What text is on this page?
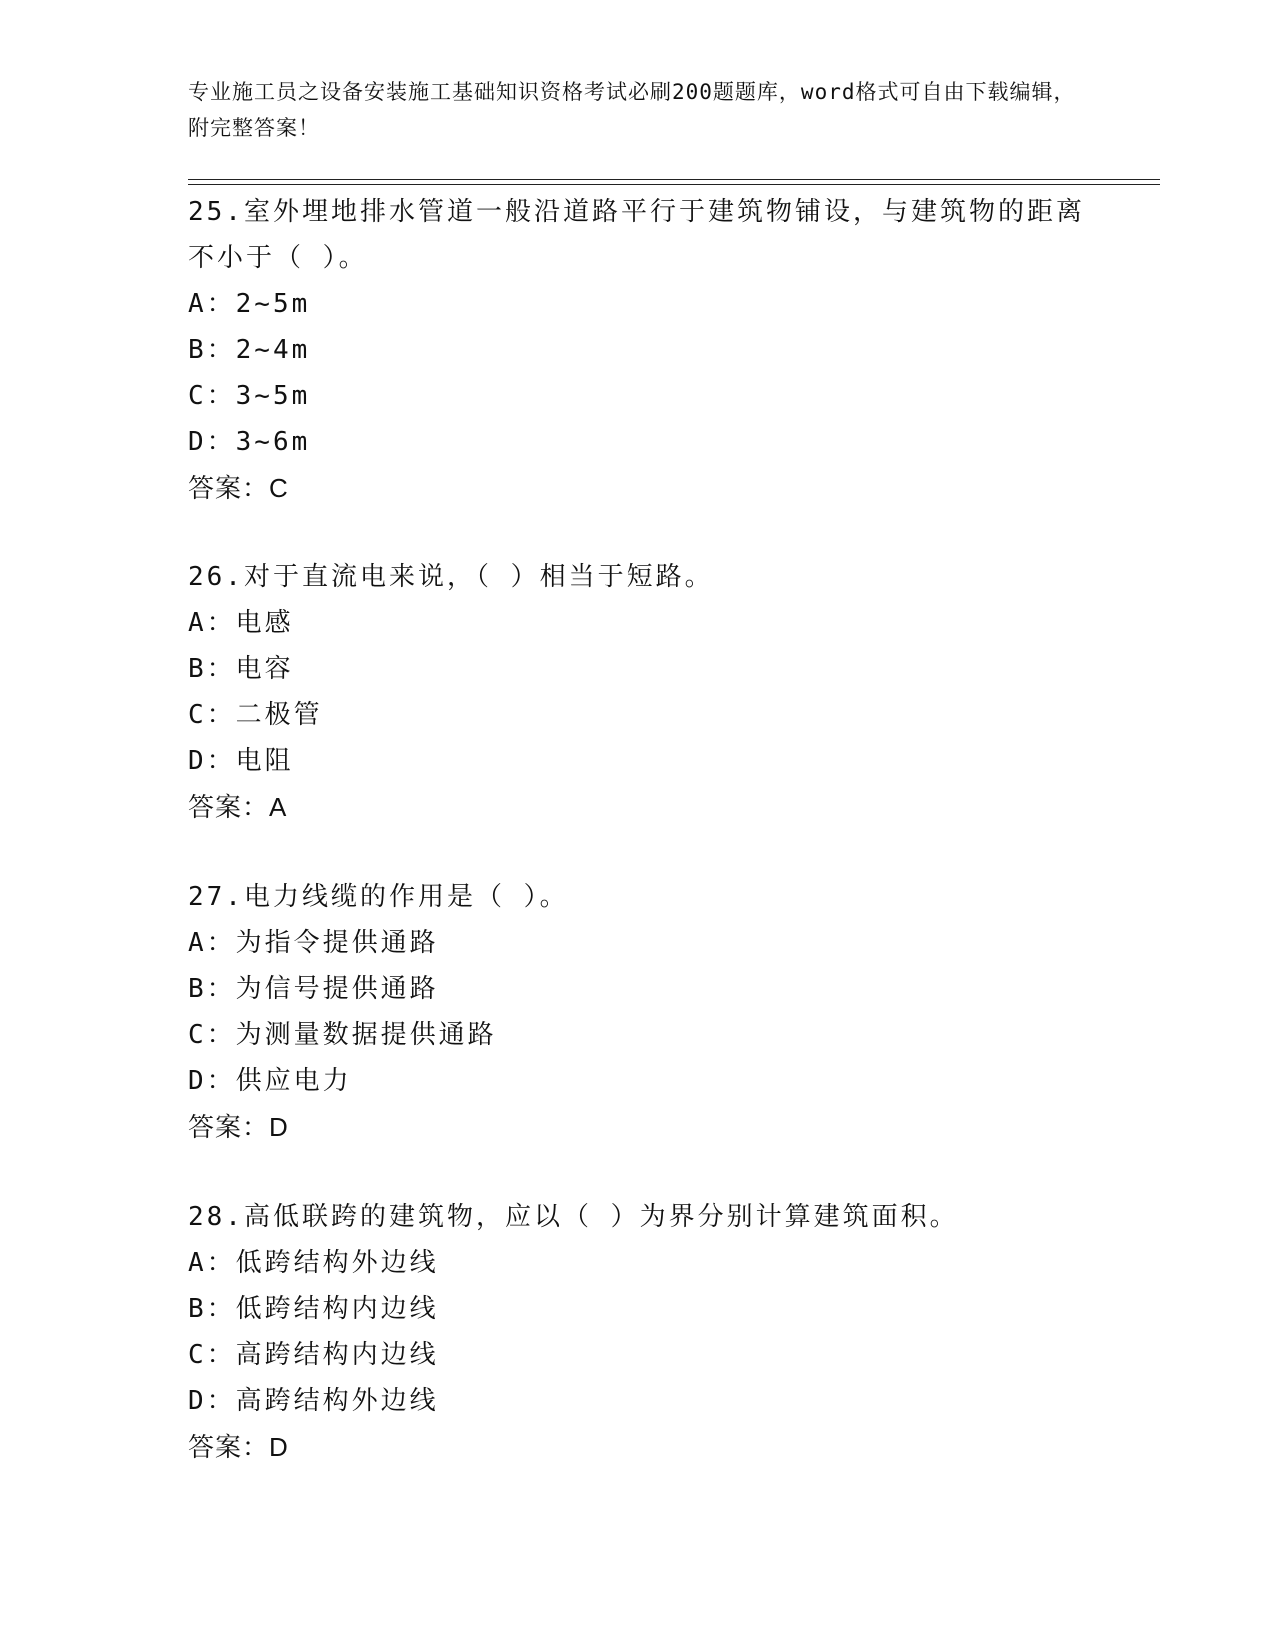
专业施工员之设备安装施工基础知识资格考试必刷200题题库，word格式可自由下载编辑，附完整答案！
25.室外埋地排水管道一般沿道路平行于建筑物铺设，与建筑物的距离不小于（ ）。
A：2~5m
B：2~4m
C：3~5m
D：3~6m
答案：C
26.对于直流电来说，（ ）相当于短路。
A：电感
B：电容
C：二极管
D：电阻
答案：A
27.电力线缆的作用是（ ）。
A：为指令提供通路
B：为信号提供通路
C：为测量数据提供通路
D：供应电力
答案：D
28.高低联跨的建筑物，应以（ ）为界分别计算建筑面积。
A：低跨结构外边线
B：低跨结构内边线
C：高跨结构内边线
D：高跨结构外边线
答案：D
